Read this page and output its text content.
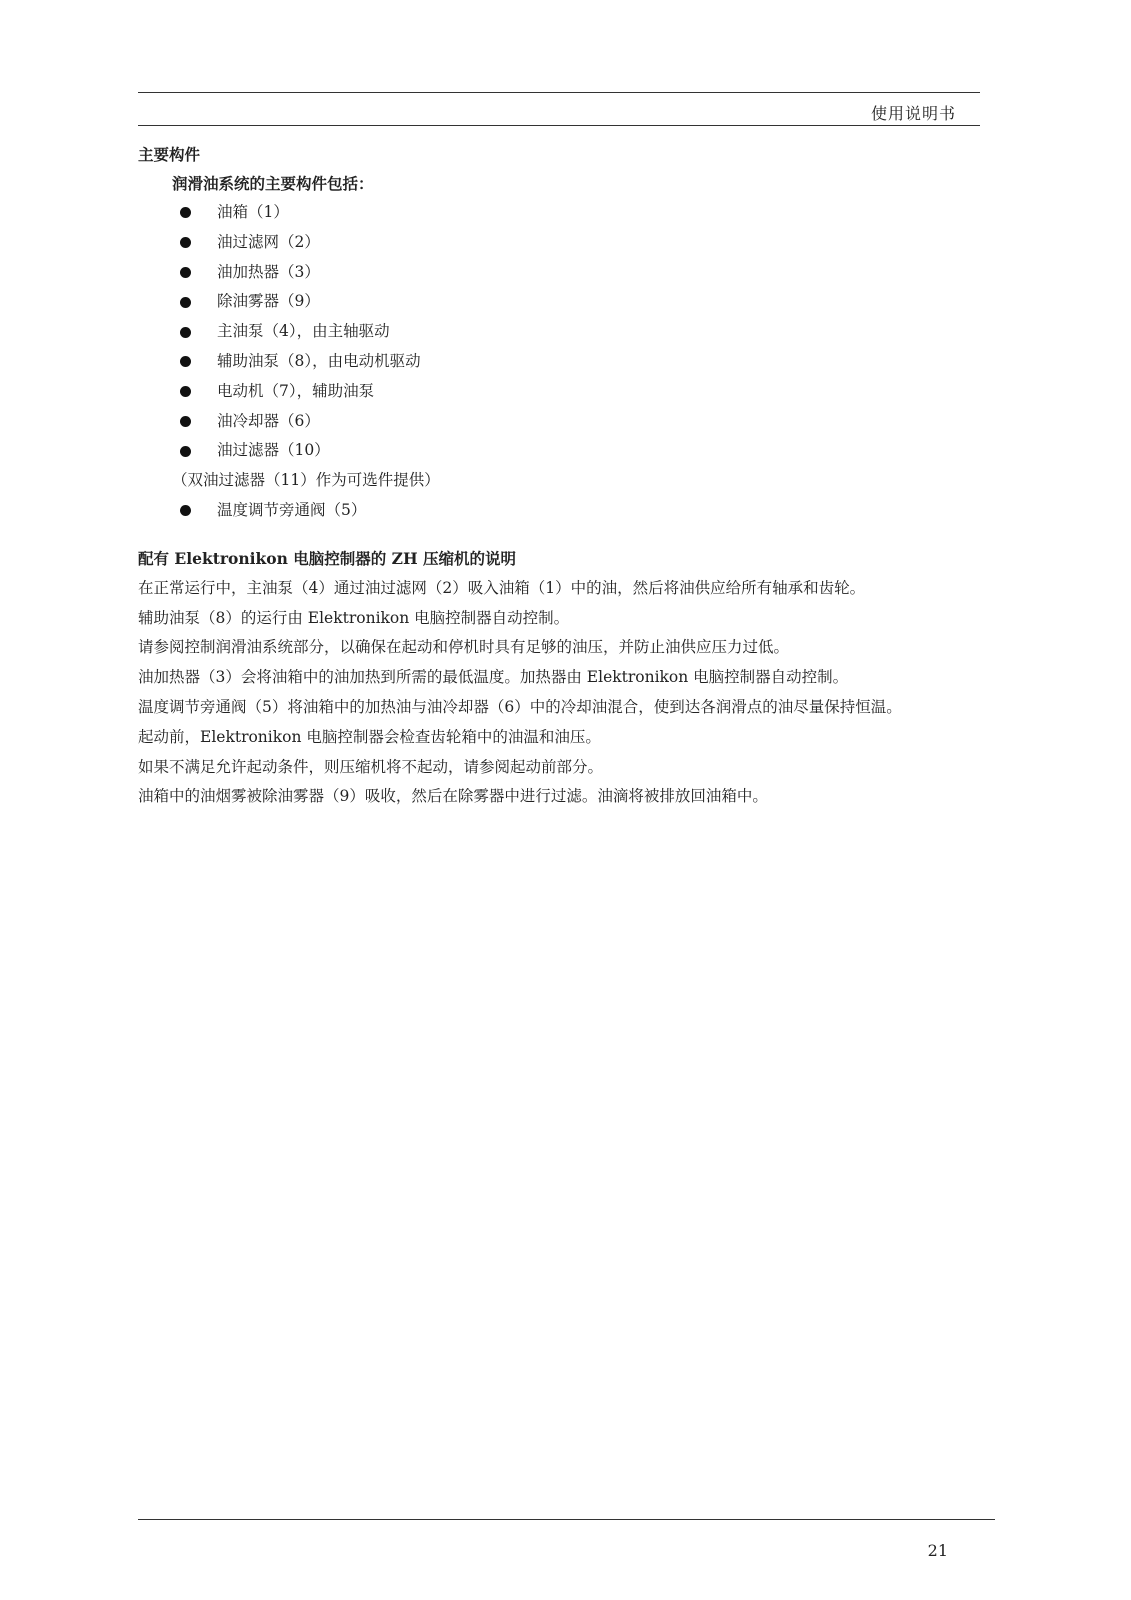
使用说明书
主要构件
润滑油系统的主要构件包括：
油箱（1）
油过滤网（2）
油加热器（3）
除油雾器（9）
主油泵（4），由主轴驱动
辅助油泵（8），由电动机驱动
电动机（7），辅助油泵
油冷却器（6）
油过滤器（10）
（双油过滤器（11）作为可选件提供）
温度调节旁通阀（5）
配有 Elektronikon 电脑控制器的 ZH 压缩机的说明
在正常运行中，主油泵（4）通过油过滤网（2）吸入油箱（1）中的油，然后将油供应给所有轴承和齿轮。
辅助油泵（8）的运行由 Elektronikon 电脑控制器自动控制。
请参阅控制润滑油系统部分，以确保在起动和停机时具有足够的油压，并防止油供应压力过低。
油加热器（3）会将油箱中的油加热到所需的最低温度。加热器由 Elektronikon 电脑控制器自动控制。
温度调节旁通阀（5）将油箱中的加热油与油冷却器（6）中的冷却油混合，使到达各润滑点的油尽量保持恒温。
起动前，Elektronikon 电脑控制器会检查齿轮箱中的油温和油压。
如果不满足允许起动条件，则压缩机将不起动，请参阅起动前部分。
油箱中的油烟雾被除油雾器（9）吸收，然后在除雾器中进行过滤。油滴将被排放回油箱中。
21
